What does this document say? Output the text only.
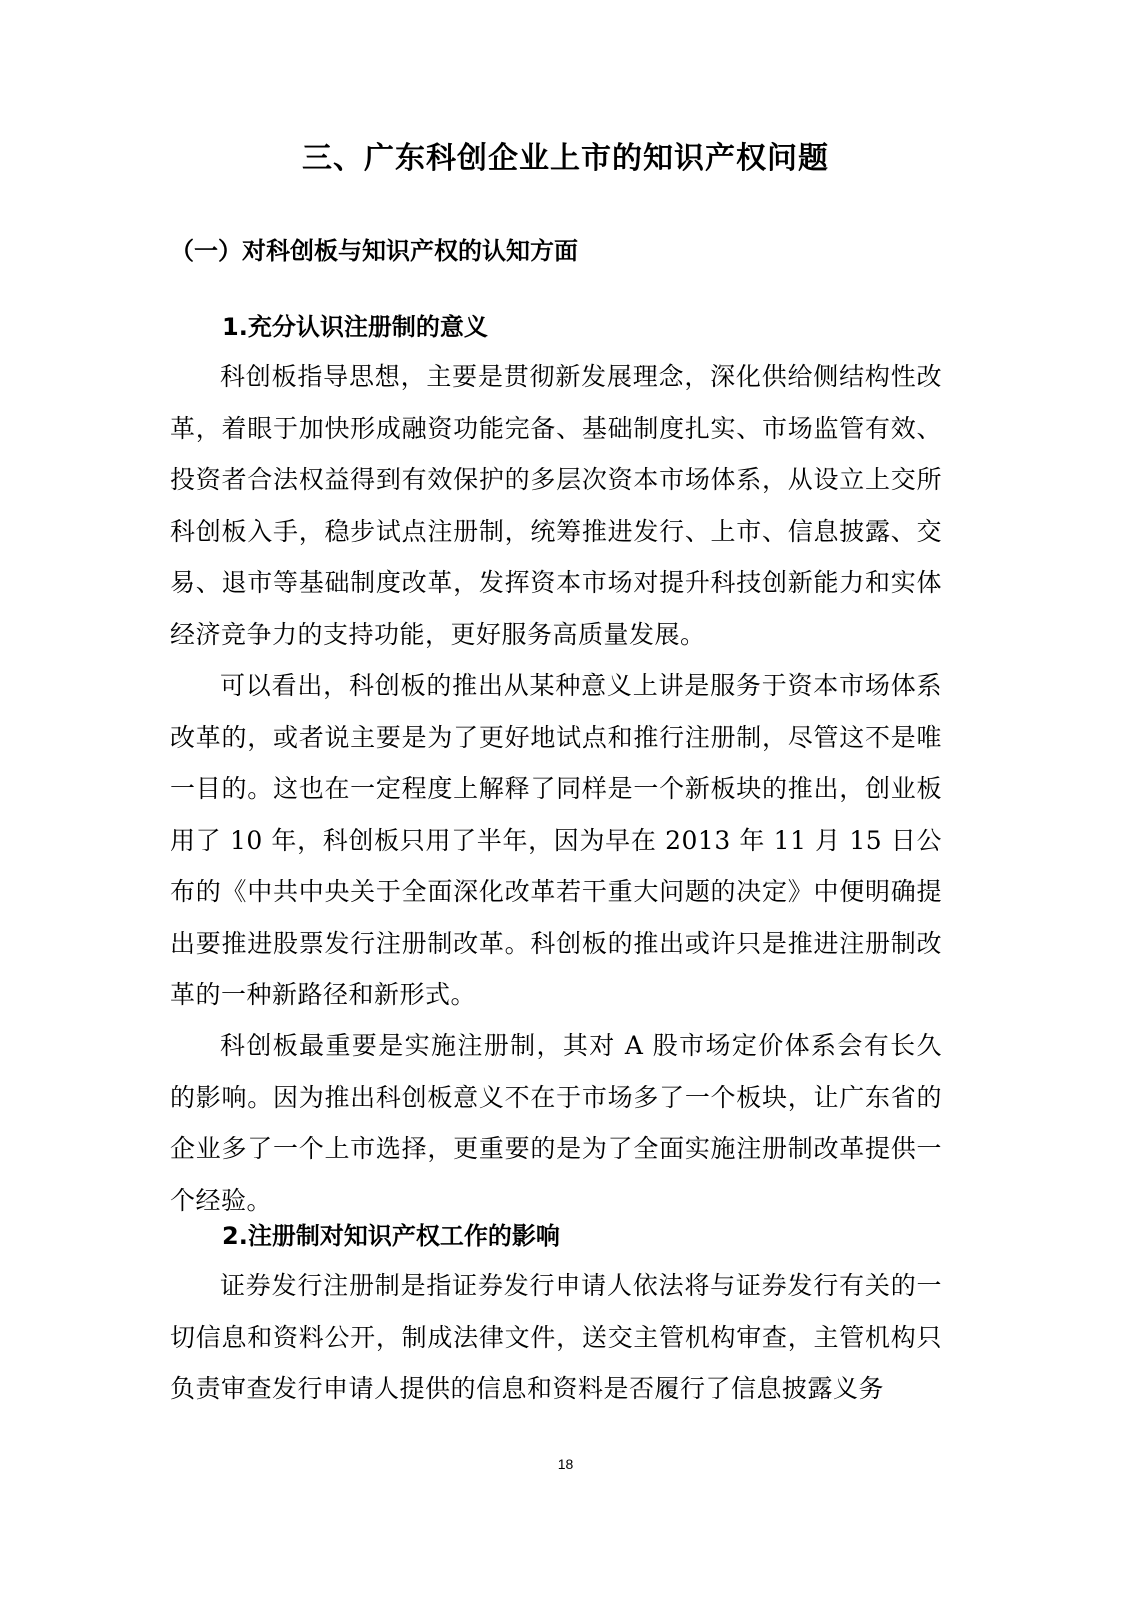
三、广东科创企业上市的知识产权问题
（一）对科创板与知识产权的认知方面
1.充分认识注册制的意义

科创板指导思想，主要是贯彻新发展理念，深化供给侧结构性改革，着眼于加快形成融资功能完备、基础制度扎实、市场监管有效、投资者合法权益得到有效保护的多层次资本市场体系，从设立上交所科创板入手，稳步试点注册制，统筹推进发行、上市、信息披露、交易、退市等基础制度改革，发挥资本市场对提升科技创新能力和实体经济竞争力的支持功能，更好服务高质量发展。

可以看出，科创板的推出从某种意义上讲是服务于资本市场体系改革的，或者说主要是为了更好地试点和推行注册制，尽管这不是唯一目的。这也在一定程度上解释了同样是一个新板块的推出，创业板用了 10 年，科创板只用了半年，因为早在 2013 年 11 月 15 日公布的《中共中央关于全面深化改革若干重大问题的决定》中便明确提出要推进股票发行注册制改革。科创板的推出或许只是推进注册制改革的一种新路径和新形式。

科创板最重要是实施注册制，其对 A 股市场定价体系会有长久的影响。因为推出科创板意义不在于市场多了一个板块，让广东省的企业多了一个上市选择，更重要的是为了全面实施注册制改革提供一个经验。

2.注册制对知识产权工作的影响

证券发行注册制是指证券发行申请人依法将与证券发行有关的一切信息和资料公开，制成法律文件，送交主管机构审查，主管机构只负责审查发行申请人提供的信息和资料是否履行了信息披露义务

18
